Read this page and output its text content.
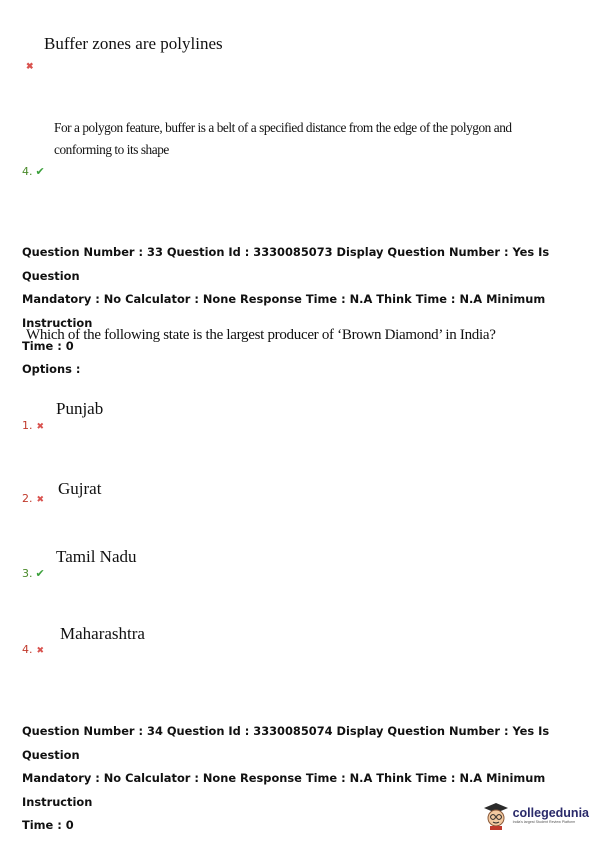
Buffer zones are polylines
✖
For a polygon feature, buffer is a belt of a specified distance from the edge of the polygon and
conforming to its shape
4. ✔
Question Number : 33 Question Id : 3330085073 Display Question Number : Yes Is Question
Mandatory : No Calculator : None Response Time : N.A Think Time : N.A Minimum Instruction
Time : 0
Which of the following state is the largest producer of ‘Brown Diamond’ in India?
Options :
Punjab
1. ✖
Gujrat
2. ✖
Tamil Nadu
3. ✔
Maharashtra
4. ✖
Question Number : 34 Question Id : 3330085074 Display Question Number : Yes Is Question
Mandatory : No Calculator : None Response Time : N.A Think Time : N.A Minimum Instruction
Time : 0
collegedunia
India's largest Student Review Platform
